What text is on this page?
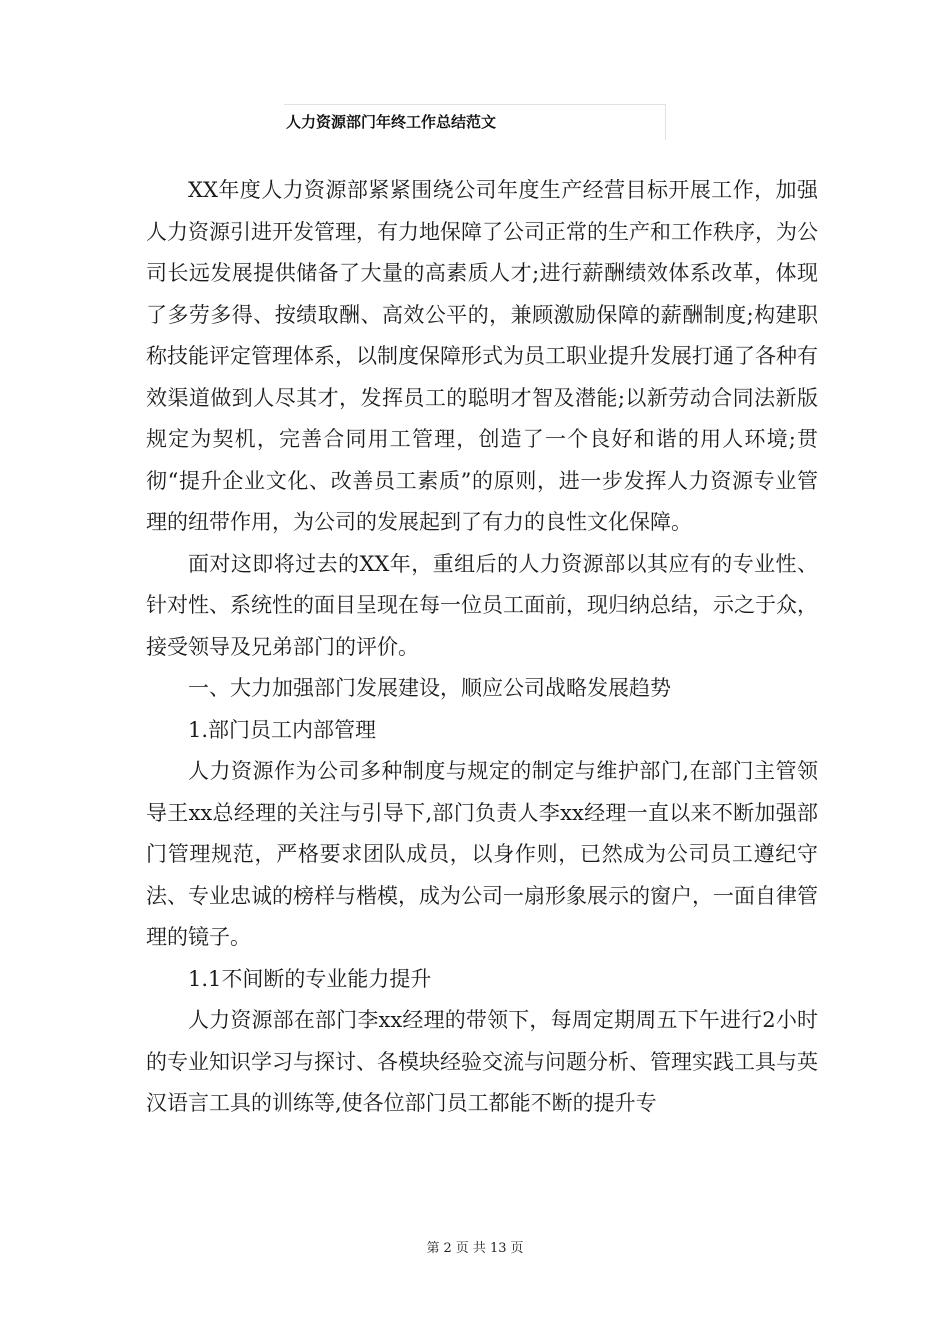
人力资源部门年终工作总结范文

XX年度人力资源部紧紧围绕公司年度生产经营目标开展工作，加强人力资源引进开发管理，有力地保障了公司正常的生产和工作秩序，为公司长远发展提供储备了大量的高素质人才;进行薪酬绩效体系改革，体现了多劳多得、按绩取酬、高效公平的，兼顾激励保障的薪酬制度;构建职称技能评定管理体系，以制度保障形式为员工职业提升发展打通了各种有效渠道做到人尽其才，发挥员工的聪明才智及潜能;以新劳动合同法新版规定为契机，完善合同用工管理，创造了一个良好和谐的用人环境;贯彻“提升企业文化、改善员工素质”的原则，进一步发挥人力资源专业管理的纽带作用，为公司的发展起到了有力的良性文化保障。

面对这即将过去的XX年，重组后的人力资源部以其应有的专业性、针对性、系统性的面目呈现在每一位员工面前，现归纳总结，示之于众，接受领导及兄弟部门的评价。

一、大力加强部门发展建设，顺应公司战略发展趋势

1.部门员工内部管理

人力资源作为公司多种制度与规定的制定与维护部门,在部门主管领导王xx总经理的关注与引导下,部门负责人李xx经理一直以来不断加强部门管理规范，严格要求团队成员，以身作则，已然成为公司员工遵纪守法、专业忠诚的榜样与楷模，成为公司一扇形象展示的窗户，一面自律管理的镜子。

1.1不间断的专业能力提升

人力资源部在部门李xx经理的带领下，每周定期周五下午进行2小时的专业知识学习与探讨、各模块经验交流与问题分析、管理实践工具与英汉语言工具的训练等,使各位部门员工都能不断的提升专

第 2 页 共 13 页
